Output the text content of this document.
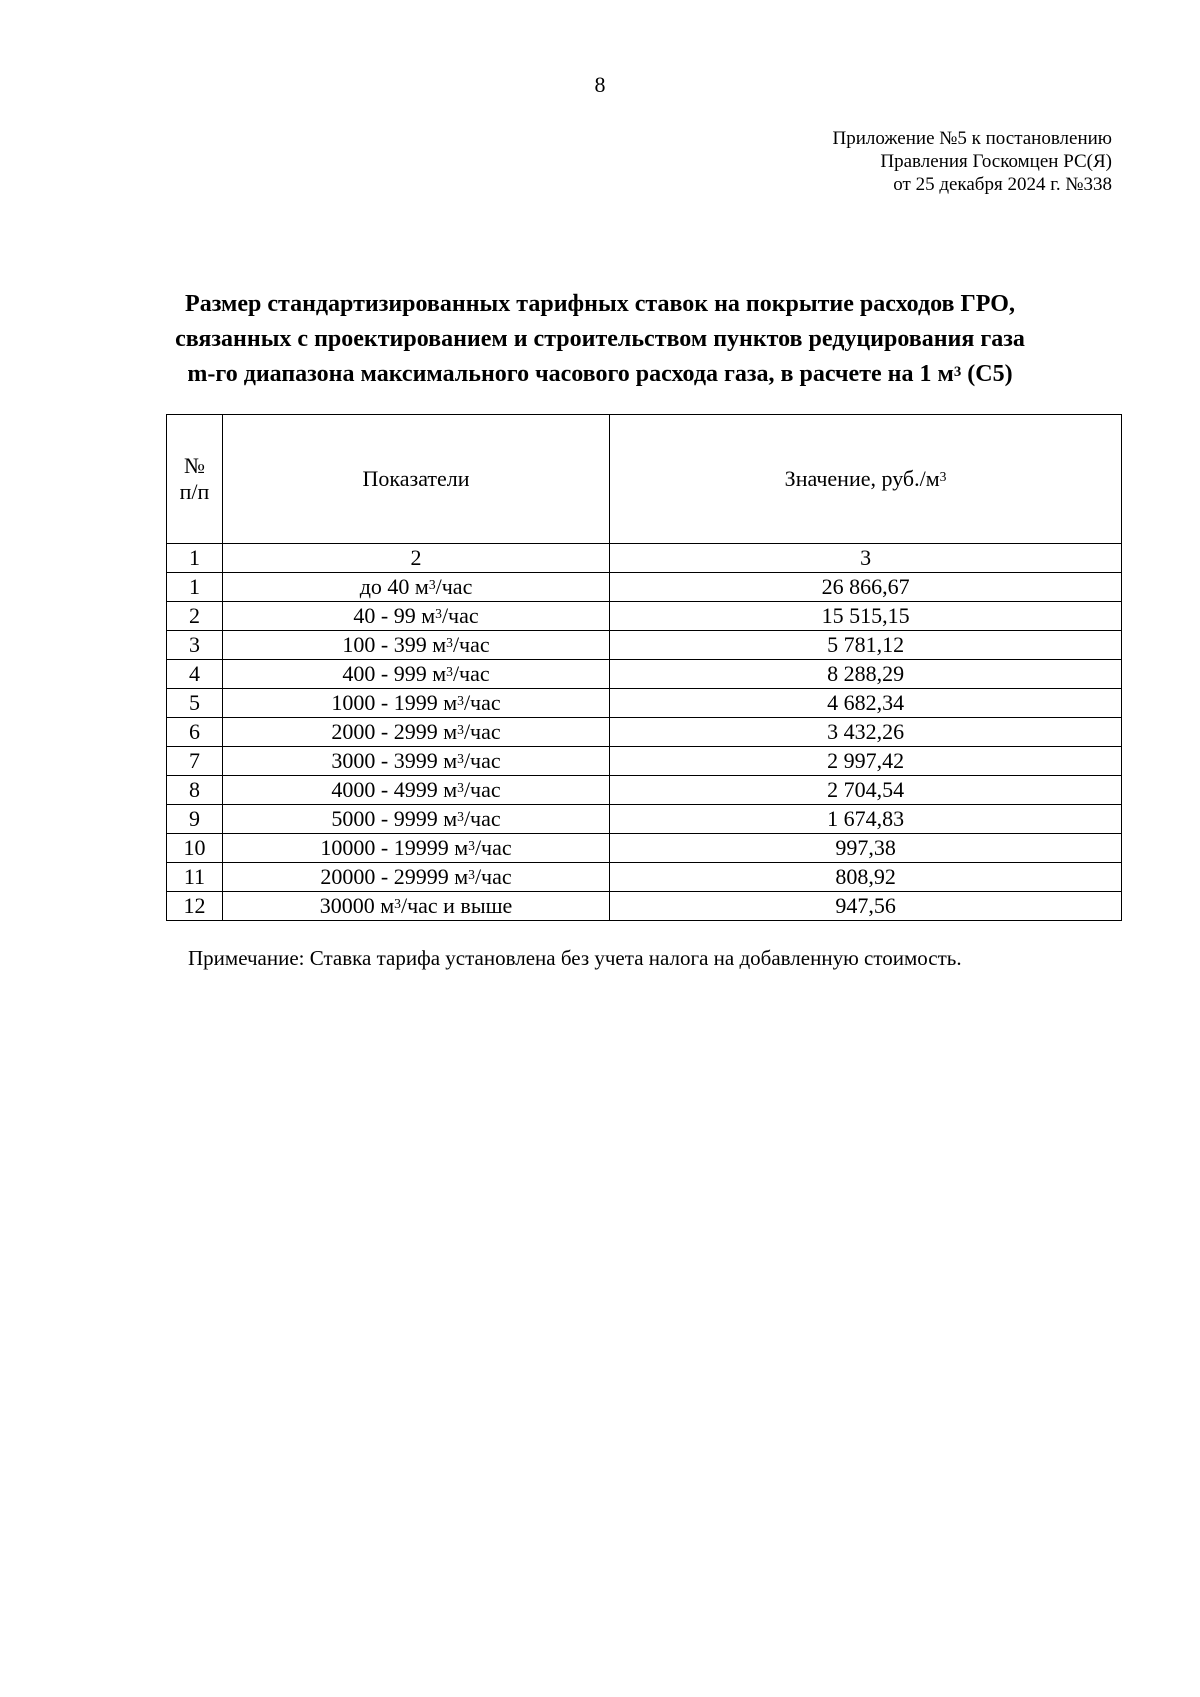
8
Приложение №5 к постановлению
Правления Госкомцен РС(Я)
от 25 декабря 2024 г. №338
Размер стандартизированных тарифных ставок на покрытие расходов ГРО,
связанных с проектированием и строительством пунктов редуцирования газа
m-го диапазона максимального часового расхода газа, в расчете на 1 $м^3$ (С5)
№
п/п	Показатели	Значение, $руб./м^3$
1	2	3
1	до 40 $м^3$/час	26 866,67
2	40 - 99 $м^3$/час	15 515,15
3	100 - 399 $м^3$/час	5 781,12
4	400 - 999 $м^3$/час	8 288,29
5	1000 - 1999 $м^3$/час	4 682,34
6	2000 - 2999 $м^3$/час	3 432,26
7	3000 - 3999 $м^3$/час	2 997,42
8	4000 - 4999 $м^3$/час	2 704,54
9	5000 - 9999 $м^3$/час	1 674,83
10	10000 - 19999 $м^3$/час	997,38
11	20000 - 29999 $м^3$/час	808,92
12	30000 $м^3$/час и выше	947,56
Примечание: Ставка тарифа установлена без учета налога на добавленную стоимость.
